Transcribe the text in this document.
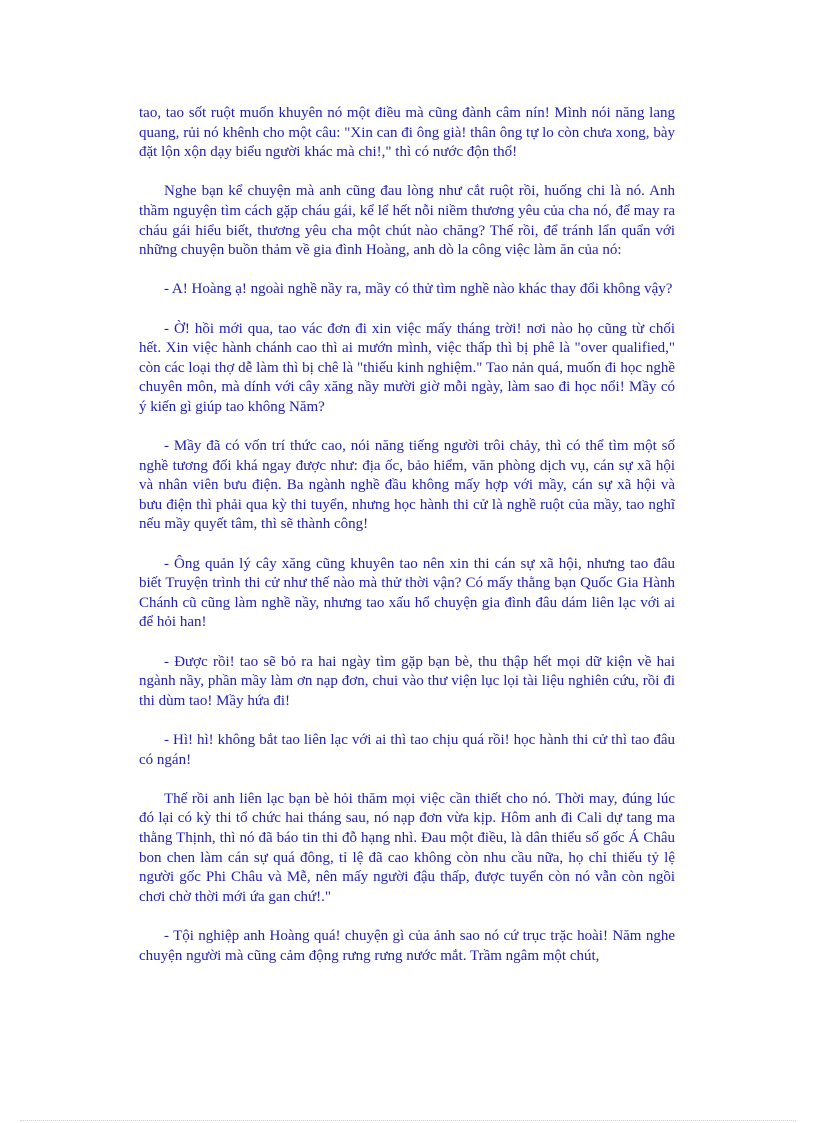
tao, tao sốt ruột muốn khuyên nó một điều mà cũng đành câm nín! Mình nói năng lang quang, rủi nó khênh cho một câu: "Xin can đi ông già! thân ông tự lo còn chưa xong, bày đặt lộn xộn dạy biểu người khác mà chi!," thì có nước độn thổ!

Nghe bạn kể chuyện mà anh cũng đau lòng như cắt ruột rồi, huống chi là nó. Anh thầm nguyện tìm cách gặp cháu gái, kể lể hết nỗi niềm thương yêu của cha nó, để may ra cháu gái hiểu biết, thương yêu cha một chút nào chăng? Thế rồi, để tránh lẩn quẩn với những chuyện buồn thảm về gia đình Hoàng, anh dò la công việc làm ăn của nó:

- A! Hoàng ạ! ngoài nghề nầy ra, mầy có thử tìm nghề nào khác thay đổi không vậy?

- Ờ! hồi mới qua, tao vác đơn đi xin việc mấy tháng trời! nơi nào họ cũng từ chối hết. Xin việc hành chánh cao thì ai mướn mình, việc thấp thì bị phê là "over qualified," còn các loại thợ dễ làm thì bị chê là "thiếu kinh nghiệm." Tao nản quá, muốn đi học nghề chuyên môn, mà dính với cây xăng nầy mười giờ mỗi ngày, làm sao đi học nổi! Mầy có ý kiến gì giúp tao không Năm?

- Mầy đã có vốn trí thức cao, nói năng tiếng người trôi chảy, thì có thể tìm một số nghề tương đối khá ngay được như: địa ốc, bảo hiểm, văn phòng dịch vụ, cán sự xã hội và nhân viên bưu điện. Ba ngành nghề đầu không mấy hợp với mầy, cán sự xã hội và bưu điện thì phải qua kỳ thi tuyển, nhưng học hành thi cử là nghề ruột của mầy, tao nghĩ nếu mầy quyết tâm, thì sẽ thành công!

- Ông quản lý cây xăng cũng khuyên tao nên xin thi cán sự xã hội, nhưng tao đâu biết Truyện trình thi cử như thế nào mà thử thời vận? Có mấy thằng bạn Quốc Gia Hành Chánh cũ cũng làm nghề nầy, nhưng tao xấu hổ chuyện gia đình đâu dám liên lạc với ai để hỏi han!

- Được rồi! tao sẽ bỏ ra hai ngày tìm gặp bạn bè, thu thập hết mọi dữ kiện về hai ngành nầy, phần mầy làm ơn nạp đơn, chui vào thư viện lục lọi tài liệu nghiên cứu, rồi đi thi dùm tao! Mầy hứa đi!

- Hì! hì! không bắt tao liên lạc với ai thì tao chịu quá rồi! học hành thi cử thì tao đâu có ngán!

Thế rồi anh liên lạc bạn bè hỏi thăm mọi việc cần thiết cho nó. Thời may, đúng lúc đó lại có kỳ thi tổ chức hai tháng sau, nó nạp đơn vừa kịp. Hôm anh đi Cali dự tang ma thằng Thịnh, thì nó đã báo tin thi đỗ hạng nhì. Đau một điều, là dân thiểu số gốc Á Châu bon chen làm cán sự quá đông, tỉ lệ đã cao không còn nhu cầu nữa, họ chỉ thiếu tỷ lệ người gốc Phi Châu và Mễ, nên mấy người đậu thấp, được tuyển còn nó vẫn còn ngồi chơi chờ thời mới ứa gan chứ!."

- Tội nghiệp anh Hoàng quá! chuyện gì của ảnh sao nó cứ trục trặc hoài! Năm nghe chuyện người mà cũng cảm động rưng rưng nước mắt. Trầm ngâm một chút,
